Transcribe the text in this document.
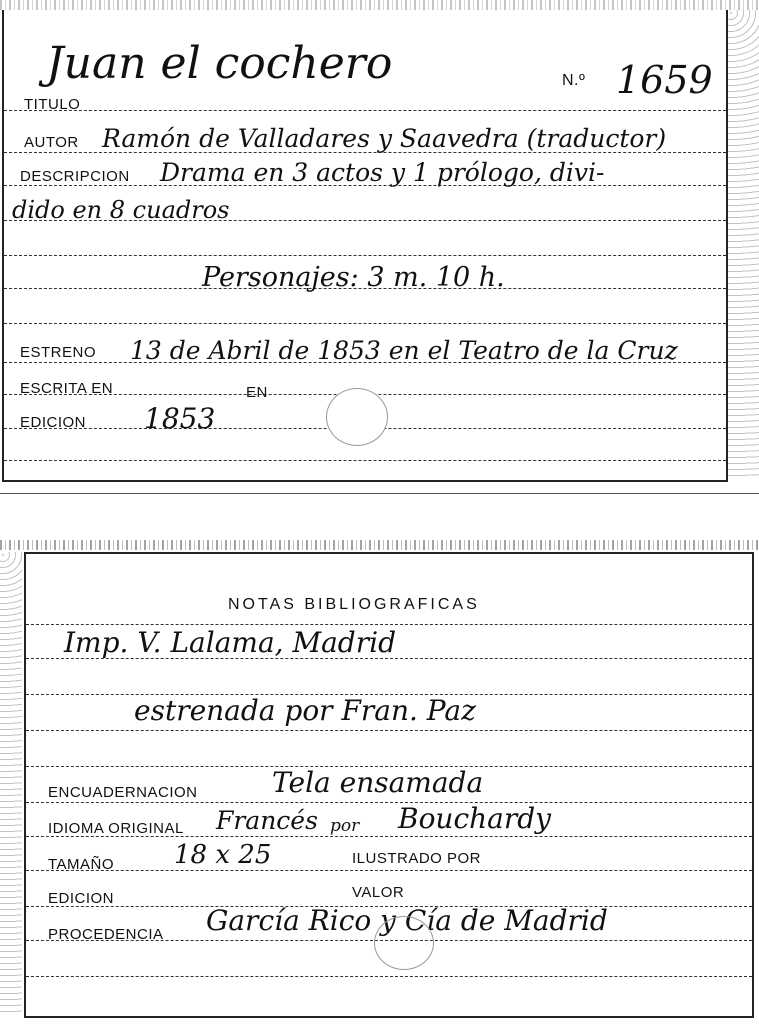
Juan el cochero	N.º 1659
TITULO
AUTOR Ramón de Valladares y Saavedra (traductor)
DESCRIPCION Drama en 3 actos y 1 prólogo, divi-
dido en 8 cuadros
Personajes: 3 m. 10 h.
ESTRENO 13 de Abril de 1853 en el Teatro de la Cruz
ESCRITA EN	EN
EDICION 1853
NOTAS BIBLIOGRAFICAS
Imp. V. Lalama, Madrid
estrenada por Fran. Paz
ENCUADERNACION	Tela ensamada
IDIOMA ORIGINAL Francés por Bouchardy
TAMAÑO 18 x 25	ILUSTRADO POR
EDICION	VALOR
PROCEDENCIA García Rico y Cía de Madrid
